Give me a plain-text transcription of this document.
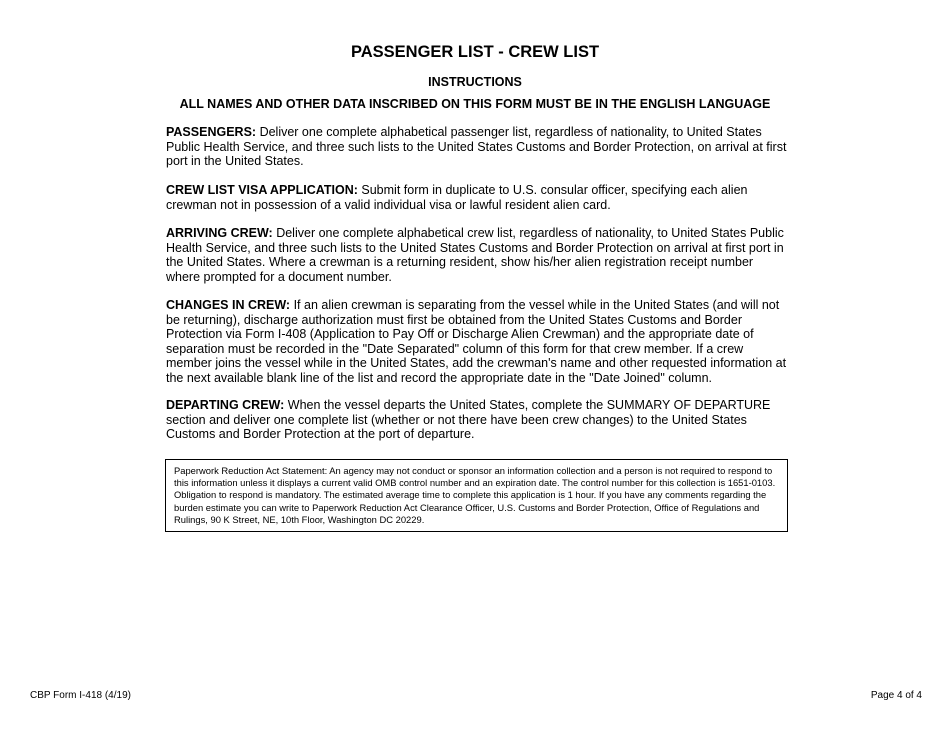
PASSENGER LIST - CREW LIST
INSTRUCTIONS
ALL NAMES AND OTHER DATA INSCRIBED ON THIS FORM MUST BE IN THE ENGLISH LANGUAGE

PASSENGERS: Deliver one complete alphabetical passenger list, regardless of nationality, to United States Public Health Service, and three such lists to the United States Customs and Border Protection, on arrival at first port in the United States.

CREW LIST VISA APPLICATION: Submit form in duplicate to U.S. consular officer, specifying each alien crewman not in possession of a valid individual visa or lawful resident alien card.

ARRIVING CREW: Deliver one complete alphabetical crew list, regardless of nationality, to United States Public Health Service, and three such lists to the United States Customs and Border Protection on arrival at first port in the United States. Where a crewman is a returning resident, show his/her alien registration receipt number where prompted for a document number.

CHANGES IN CREW: If an alien crewman is separating from the vessel while in the United States (and will not be returning), discharge authorization must first be obtained from the United States Customs and Border Protection via Form I-408 (Application to Pay Off or Discharge Alien Crewman) and the appropriate date of separation must be recorded in the "Date Separated" column of this form for that crew member. If a crew member joins the vessel while in the United States, add the crewman's name and other requested information at the next available blank line of the list and record the appropriate date in the "Date Joined" column.

DEPARTING CREW: When the vessel departs the United States, complete the SUMMARY OF DEPARTURE section and deliver one complete list (whether or not there have been crew changes) to the United States Customs and Border Protection at the port of departure.

Paperwork Reduction Act Statement: An agency may not conduct or sponsor an information collection and a person is not required to respond to this information unless it displays a current valid OMB control number and an expiration date. The control number for this collection is 1651-0103. Obligation to respond is mandatory. The estimated average time to complete this application is 1 hour. If you have any comments regarding the burden estimate you can write to Paperwork Reduction Act Clearance Officer, U.S. Customs and Border Protection, Office of Regulations and Rulings, 90 K Street, NE, 10th Floor, Washington DC 20229.
CBP Form I-418 (4/19)	Page 4 of 4
